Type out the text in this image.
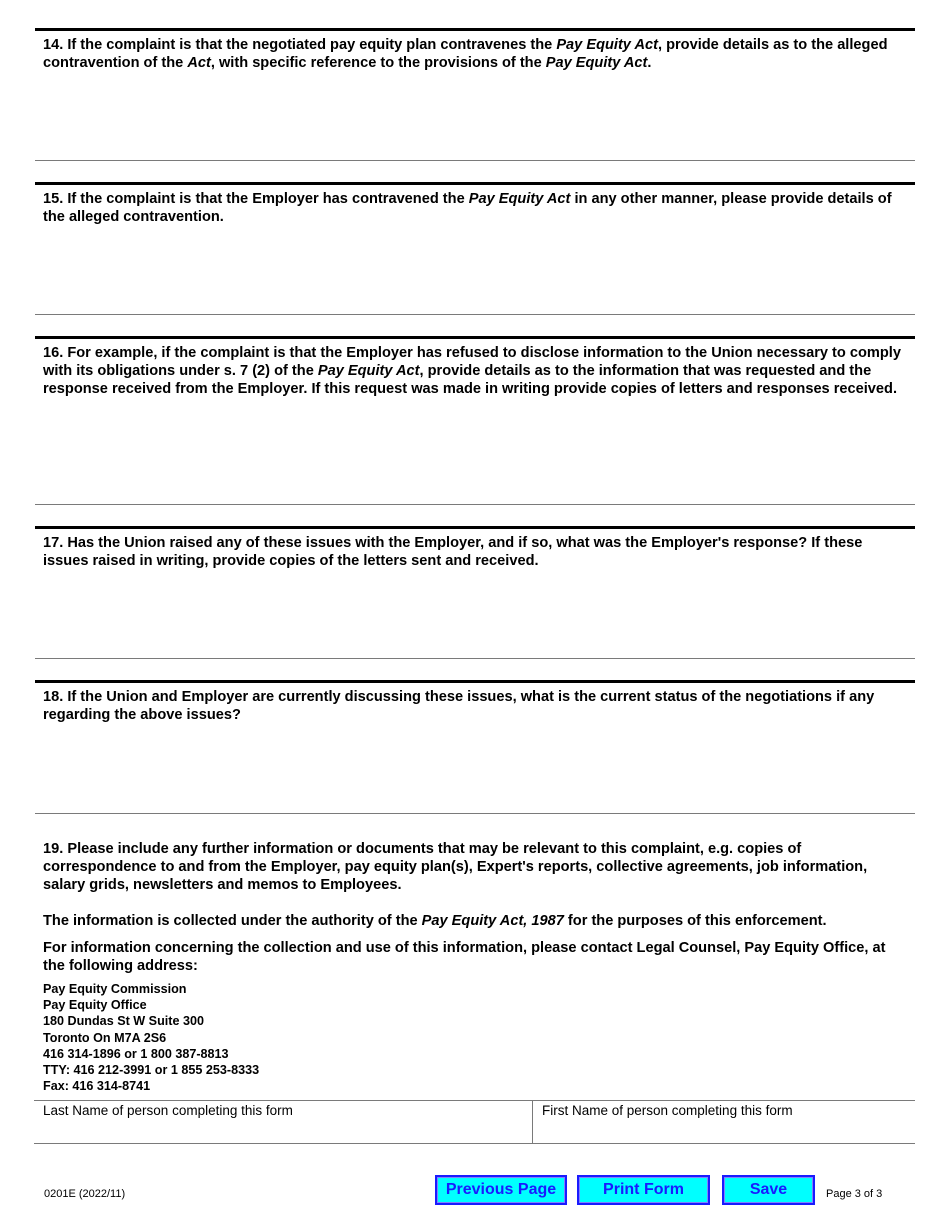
14. If the complaint is that the negotiated pay equity plan contravenes the Pay Equity Act, provide details as to the alleged contravention of the Act, with specific reference to the provisions of the Pay Equity Act.
15. If the complaint is that the Employer has contravened the Pay Equity Act in any other manner, please provide details of the alleged contravention.
16. For example, if the complaint is that the Employer has refused to disclose information to the Union necessary to comply with its obligations under s. 7 (2) of the Pay Equity Act, provide details as to the information that was requested and the response received from the Employer. If this request was made in writing provide copies of letters and responses received.
17. Has the Union raised any of these issues with the Employer, and if so, what was the Employer's response? If these issues raised in writing, provide copies of the letters sent and received.
18. If the Union and Employer are currently discussing these issues, what is the current status of the negotiations if any regarding the above issues?
19. Please include any further information or documents that may be relevant to this complaint, e.g. copies of correspondence to and from the Employer, pay equity plan(s), Expert's reports, collective agreements, job information, salary grids, newsletters and memos to Employees.
The information is collected under the authority of the Pay Equity Act, 1987 for the purposes of this enforcement.
For information concerning the collection and use of this information, please contact Legal Counsel, Pay Equity Office, at the following address:
Pay Equity Commission
Pay Equity Office
180 Dundas St W Suite 300
Toronto On M7A 2S6
416 314-1896 or 1 800 387-8813
TTY: 416 212-3991 or 1 855 253-8333
Fax: 416 314-8741
Last Name of person completing this form	First Name of person completing this form
0201E (2022/11)	Previous Page	Print Form	Save	Page 3 of 3
